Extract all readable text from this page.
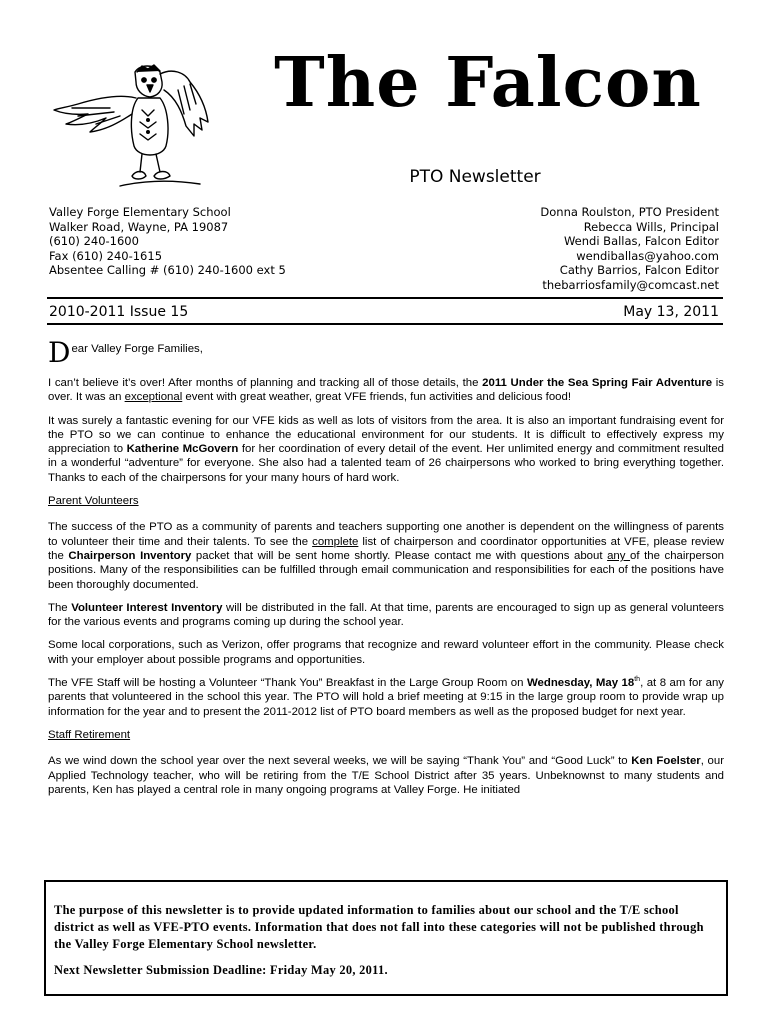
The Falcon
PTO Newsletter
Valley Forge Elementary School
Walker Road, Wayne, PA 19087
(610) 240-1600
Fax (610) 240-1615
Absentee Calling # (610) 240-1600 ext 5
Donna Roulston, PTO President
Rebecca Wills, Principal
Wendi Ballas, Falcon Editor
wendiballas@yahoo.com
Cathy Barrios, Falcon Editor
thebarriosfamily@comcast.net
2010-2011 Issue 15	May 13, 2011

D ear Valley Forge Families,

I can’t believe it’s over! After months of planning and tracking all of those details, the 2011 Under the Sea Spring Fair Adventure is over. It was an exceptional event with great weather, great VFE friends, fun activities and delicious food!

It was surely a fantastic evening for our VFE kids as well as lots of visitors from the area. It is also an important fundraising event for the PTO so we can continue to enhance the educational environment for our students. It is difficult to effectively express my appreciation to Katherine McGovern for her coordination of every detail of the event. Her unlimited energy and commitment resulted in a wonderful “adventure” for everyone. She also had a talented team of 26 chairpersons who worked to bring everything together. Thanks to each of the chairpersons for your many hours of hard work.

Parent Volunteers

The success of the PTO as a community of parents and teachers supporting one another is dependent on the willingness of parents to volunteer their time and their talents. To see the complete list of chairperson and coordinator opportunities at VFE, please review the Chairperson Inventory packet that will be sent home shortly. Please contact me with questions about any of the chairperson positions. Many of the responsibilities can be fulfilled through email communication and responsibilities for each of the positions have been thoroughly documented.

The Volunteer Interest Inventory will be distributed in the fall. At that time, parents are encouraged to sign up as general volunteers for the various events and programs coming up during the school year.

Some local corporations, such as Verizon, offer programs that recognize and reward volunteer effort in the community. Please check with your employer about possible programs and opportunities.

The VFE Staff will be hosting a Volunteer “Thank You” Breakfast in the Large Group Room on Wednesday, May 18th, at 8 am for any parents that volunteered in the school this year. The PTO will hold a brief meeting at 9:15 in the large group room to provide wrap up information for the year and to present the 2011-2012 list of PTO board members as well as the proposed budget for next year.

Staff Retirement

As we wind down the school year over the next several weeks, we will be saying “Thank You” and “Good Luck” to Ken Foelster, our Applied Technology teacher, who will be retiring from the T/E School District after 35 years. Unbeknownst to many students and parents, Ken has played a central role in many ongoing programs at Valley Forge. He initiated

The purpose of this newsletter is to provide updated information to families about our school and the T/E school district as well as VFE-PTO events. Information that does not fall into these categories will not be published through the Valley Forge Elementary School newsletter.

Next Newsletter Submission Deadline: Friday May 20, 2011.
